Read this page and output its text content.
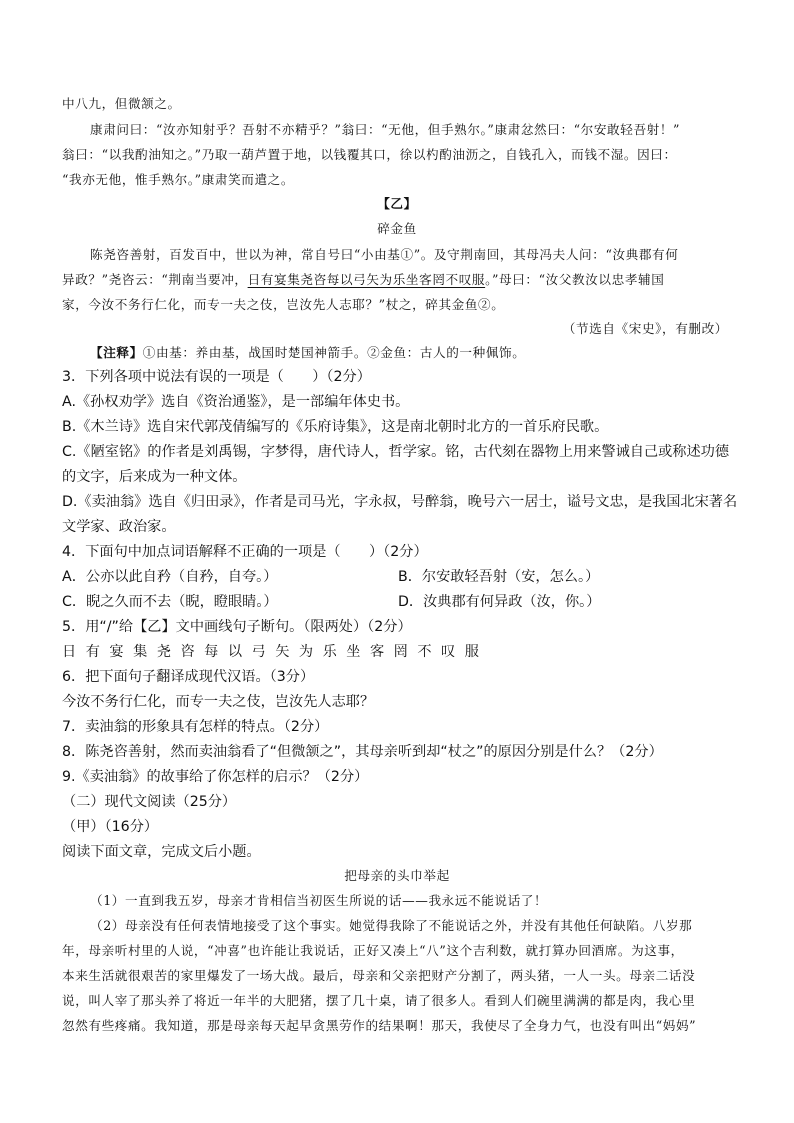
中八九，但微颔之。
康肃问曰：“汝亦知射乎？吾射不亦精乎？”翁曰：“无他，但手熟尔。”康肃忿然曰：“尔安敢轻吾射！”
翁曰：“以我酌油知之。”乃取一葫芦置于地，以钱覆其口，徐以杓酌油沥之，自钱孔入，而钱不湿。因曰：
“我亦无他，惟手熟尔。”康肃笑而遣之。
【乙】
碎金鱼
陈尧咨善射，百发百中，世以为神，常自号曰“小由基①”。及守荆南回，其母冯夫人问：“汝典郡有何
异政？”尧咨云：“荆南当要冲，日有宴集尧咨每以弓矢为乐坐客罔不叹服。”母曰：“汝父教汝以忠孝辅国
家，今汝不务行仁化，而专一夫之伎，岂汝先人志耶？”杖之，碎其金鱼②。
（节选自《宋史》，有删改）
【注释】①由基：养由基，战国时楚国神箭手。②金鱼：古人的一种佩饰。
3．下列各项中说法有误的一项是（　　）（2分）
A.《孙权劝学》选自《资治通鉴》，是一部编年体史书。
B.《木兰诗》选自宋代郭茂倩编写的《乐府诗集》，这是南北朝时北方的一首乐府民歌。
C.《陋室铭》的作者是刘禹锡，字梦得，唐代诗人，哲学家。铭，古代刻在器物上用来警诫自己或称述功德
的文字，后来成为一种文体。
D.《卖油翁》选自《归田录》，作者是司马光，字永叔，号醉翁，晚号六一居士，谥号文忠，是我国北宋著名
文学家、政治家。
4．下面句中加点词语解释不正确的一项是（　　）（2分）
A．公亦以此自矜（自矜，自夸。）	B．尔安敢轻吾射（安，怎么。）
C．睨之久而不去（睨，瞪眼睛。）	D．汝典郡有何异政（汝，你。）
5．用“/”给【乙】文中画线句子断句。（限两处）（2分）
日有宴集尧咨每以弓矢为乐坐客罔不叹服
6．把下面句子翻译成现代汉语。（3分）
今汝不务行仁化，而专一夫之伎，岂汝先人志耶？
7．卖油翁的形象具有怎样的特点。（2分）
8．陈尧咨善射，然而卖油翁看了“但微颔之”，其母亲听到却“杖之”的原因分别是什么？（2分）
9.《卖油翁》的故事给了你怎样的启示？（2分）
（二）现代文阅读（25分）
（甲）（16分）
阅读下面文章，完成文后小题。
把母亲的头巾举起
（1）一直到我五岁，母亲才肯相信当初医生所说的话——我永远不能说话了！
（2）母亲没有任何表情地接受了这个事实。她觉得我除了不能说话之外，并没有其他任何缺陷。八岁那
年，母亲听村里的人说，“冲喜”也许能让我说话，正好又凑上“八”这个吉利数，就打算办回酒席。为这事，
本来生活就很艰苦的家里爆发了一场大战。最后，母亲和父亲把财产分割了，两头猪，一人一头。母亲二话没
说，叫人宰了那头养了将近一年半的大肥猪，摆了几十桌，请了很多人。看到人们碗里满满的都是肉，我心里
忽然有些疼痛。我知道，那是母亲每天起早贪黑劳作的结果啊！那天，我使尽了全身力气，也没有叫出“妈妈”
